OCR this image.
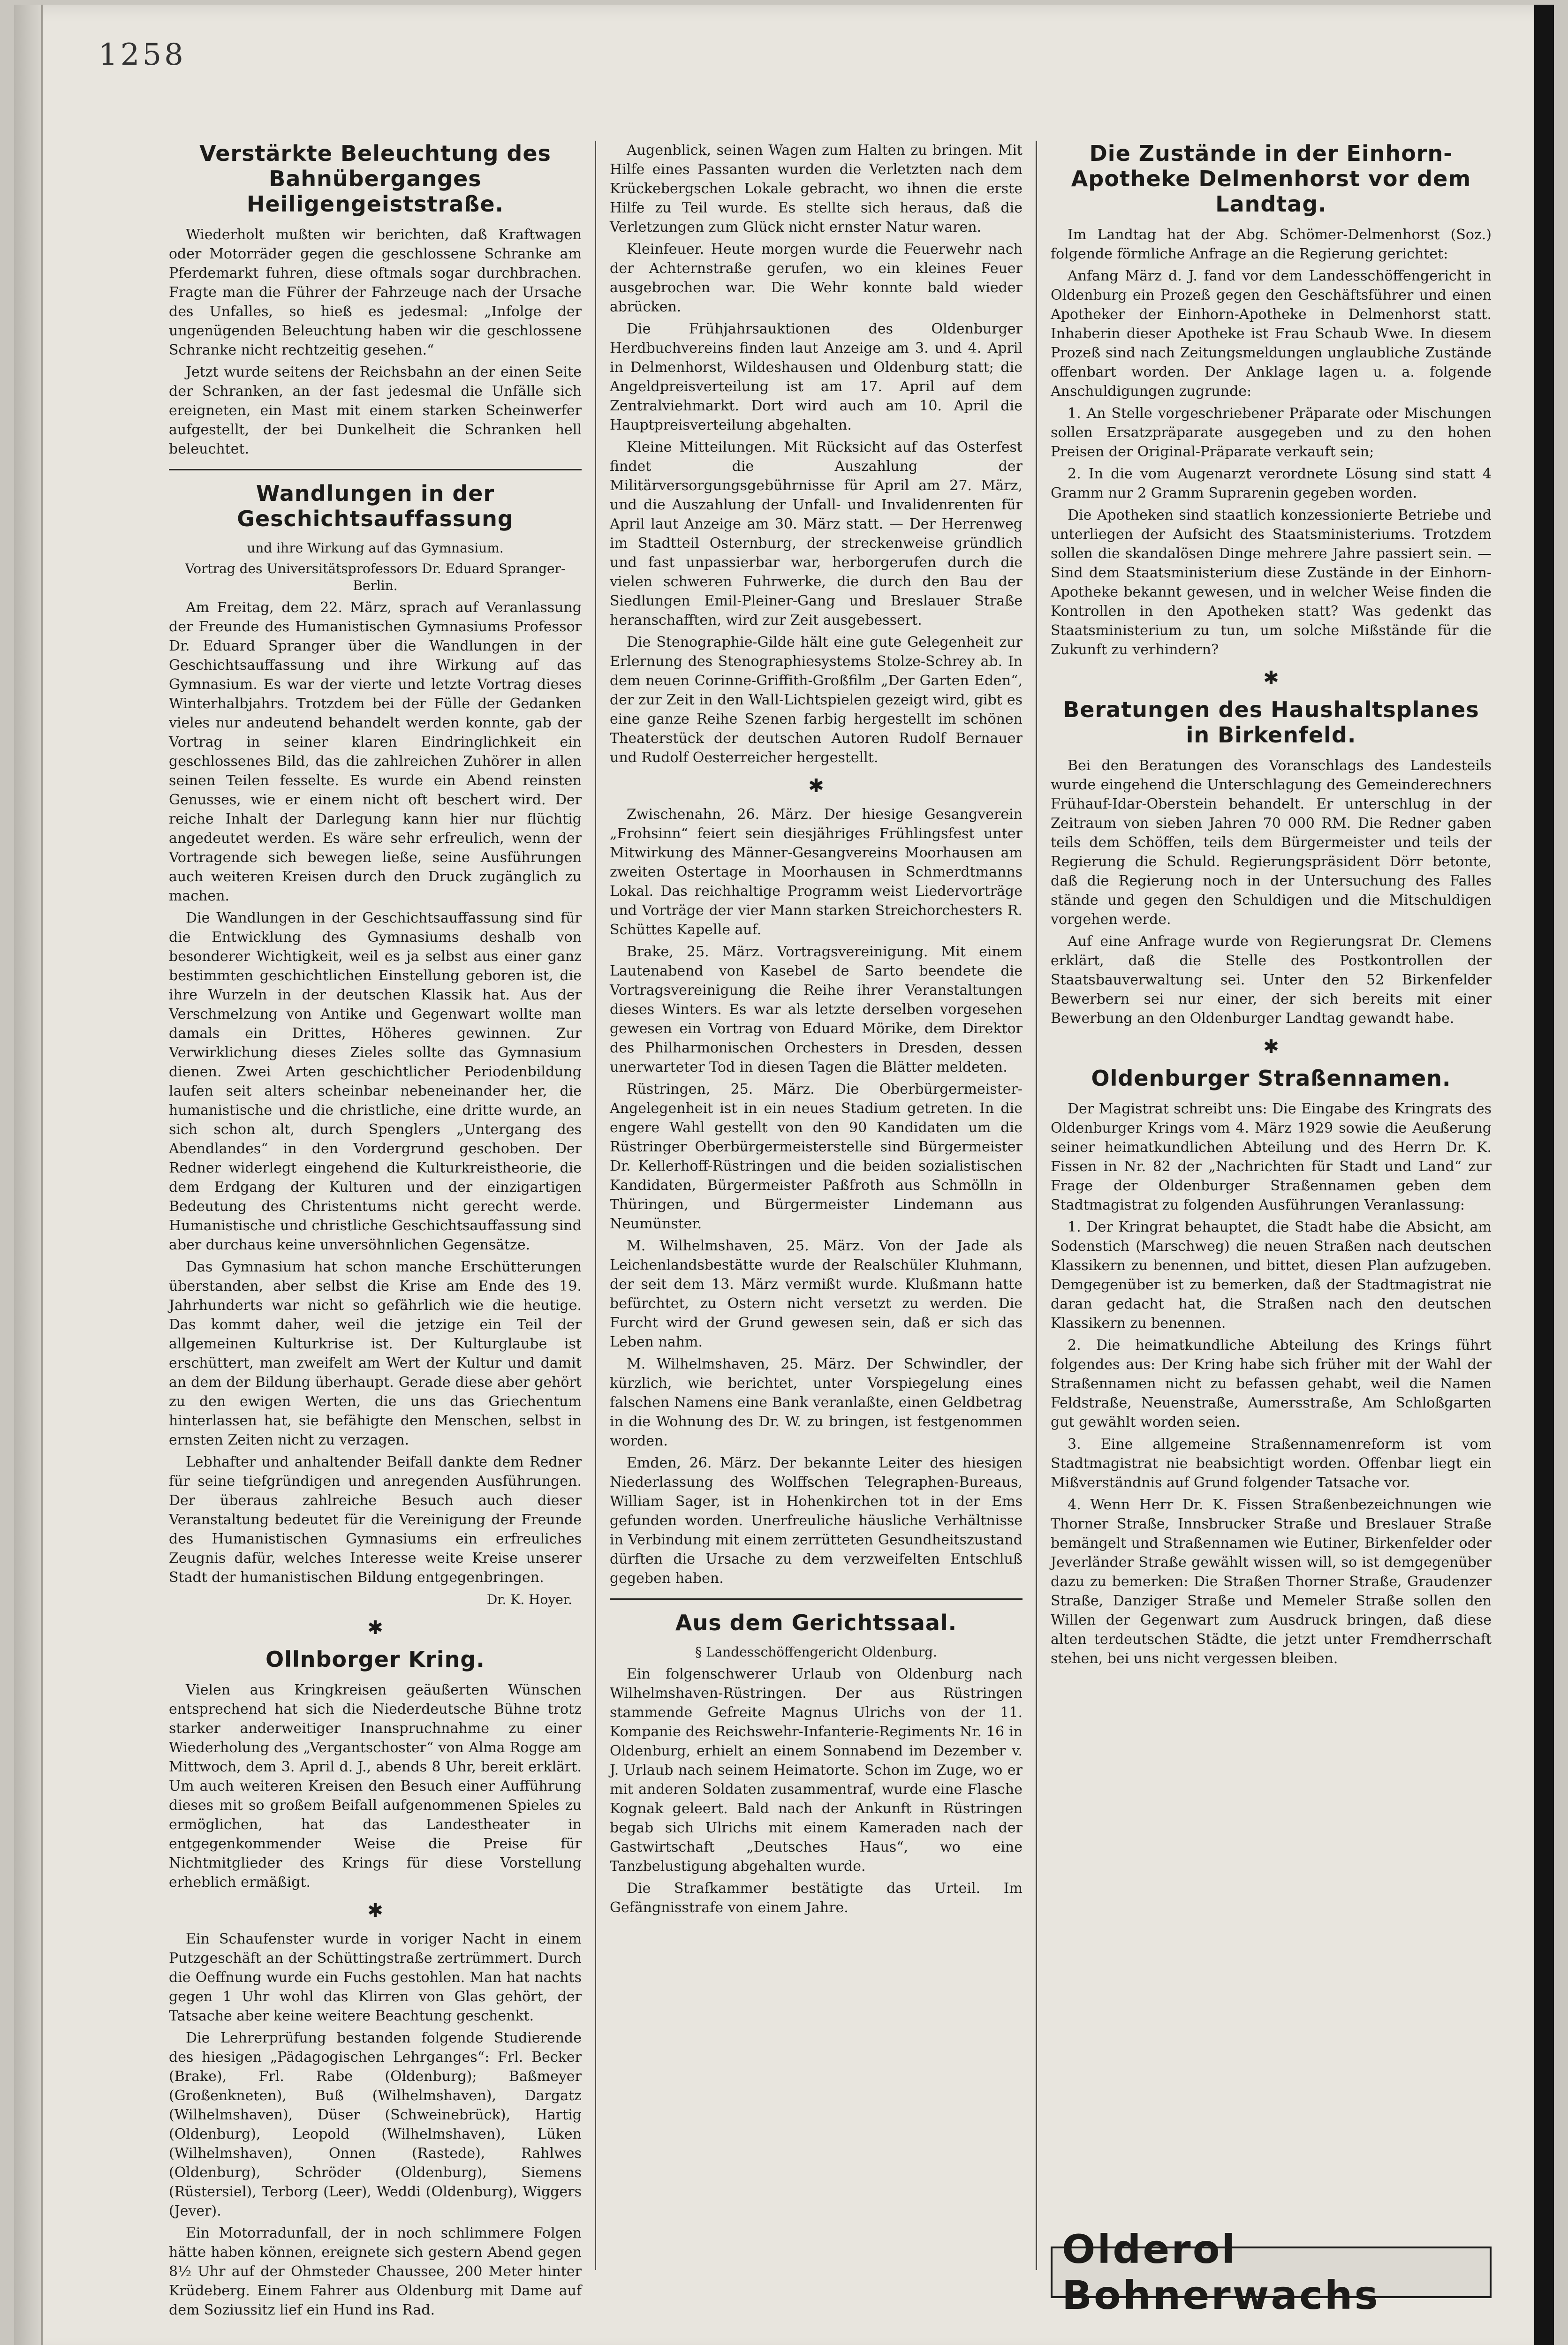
1258
Verstärkte Beleuchtung des Bahnüberganges Heiligengeiststraße.

Wiederholt mußten wir berichten, daß Kraftwagen oder Motorräder gegen die geschlossene Schranke am Pferdemarkt fuhren, diese oftmals sogar durchbrachen. Fragte man die Führer der Fahrzeuge nach der Ursache des Unfalles, so hieß es jedesmal: „Infolge der ungenügenden Beleuchtung haben wir die geschlossene Schranke nicht rechtzeitig gesehen.“

Jetzt wurde seitens der Reichsbahn an der einen Seite der Schranken, an der fast jedesmal die Unfälle sich ereigneten, ein Mast mit einem starken Scheinwerfer aufgestellt, der bei Dunkelheit die Schranken hell beleuchtet.

Wandlungen in der Geschichtsauffassung
und ihre Wirkung auf das Gymnasium.
Vortrag des Universitätsprofessors Dr. Eduard Spranger-Berlin.

Am Freitag, dem 22. März, sprach auf Veranlassung der Freunde des Humanistischen Gymnasiums Professor Dr. Eduard Spranger über die Wandlungen in der Geschichtsauffassung und ihre Wirkung auf das Gymnasium. Es war der vierte und letzte Vortrag dieses Winterhalbjahrs. Trotzdem bei der Fülle der Gedanken vieles nur andeutend behandelt werden konnte, gab der Vortrag in seiner klaren Eindringlichkeit ein geschlossenes Bild, das die zahlreichen Zuhörer in allen seinen Teilen fesselte. Es wurde ein Abend reinsten Genusses, wie er einem nicht oft beschert wird. Der reiche Inhalt der Darlegung kann hier nur flüchtig angedeutet werden. Es wäre sehr erfreulich, wenn der Vortragende sich bewegen ließe, seine Ausführungen auch weiteren Kreisen durch den Druck zugänglich zu machen.

Die Wandlungen in der Geschichtsauffassung sind für die Entwicklung des Gymnasiums deshalb von besonderer Wichtigkeit, weil es ja selbst aus einer ganz bestimmten geschichtlichen Einstellung geboren ist, die ihre Wurzeln in der deutschen Klassik hat. Aus der Verschmelzung von Antike und Gegenwart wollte man damals ein Drittes, Höheres gewinnen. Zur Verwirklichung dieses Zieles sollte das Gymnasium dienen. Zwei Arten geschichtlicher Periodenbildung laufen seit alters scheinbar nebeneinander her, die humanistische und die christliche, eine dritte wurde, an sich schon alt, durch Spenglers „Untergang des Abendlandes“ in den Vordergrund geschoben. Der Redner widerlegt eingehend die Kulturkreistheorie, die dem Erdgang der Kulturen und der einzigartigen Bedeutung des Christentums nicht gerecht werde. Humanistische und christliche Geschichtsauffassung sind aber durchaus keine unversöhnlichen Gegensätze.

Das Gymnasium hat schon manche Erschütterungen überstanden, aber selbst die Krise am Ende des 19. Jahrhunderts war nicht so gefährlich wie die heutige. Das kommt daher, weil die jetzige ein Teil der allgemeinen Kulturkrise ist. Der Kulturglaube ist erschüttert, man zweifelt am Wert der Kultur und damit an dem der Bildung überhaupt. Gerade diese aber gehört zu den ewigen Werten, die uns das Griechentum hinterlassen hat, sie befähigte den Menschen, selbst in ernsten Zeiten nicht zu verzagen.

Lebhafter und anhaltender Beifall dankte dem Redner für seine tiefgründigen und anregenden Ausführungen. Der überaus zahlreiche Besuch auch dieser Veranstaltung bedeutet für die Vereinigung der Freunde des Humanistischen Gymnasiums ein erfreuliches Zeugnis dafür, welches Interesse weite Kreise unserer Stadt der humanistischen Bildung entgegenbringen.

Dr. K. Hoyer.
✱
Ollnborger Kring.

Vielen aus Kringkreisen geäußerten Wünschen entsprechend hat sich die Niederdeutsche Bühne trotz starker anderweitiger Inanspruchnahme zu einer Wiederholung des „Vergantschoster“ von Alma Rogge am Mittwoch, dem 3. April d. J., abends 8 Uhr, bereit erklärt. Um auch weiteren Kreisen den Besuch einer Aufführung dieses mit so großem Beifall aufgenommenen Spieles zu ermöglichen, hat das Landestheater in entgegenkommender Weise die Preise für Nichtmitglieder des Krings für diese Vorstellung erheblich ermäßigt.

✱

Ein Schaufenster wurde in voriger Nacht in einem Putzgeschäft an der Schüttingstraße zertrümmert. Durch die Oeffnung wurde ein Fuchs gestohlen. Man hat nachts gegen 1 Uhr wohl das Klirren von Glas gehört, der Tatsache aber keine weitere Beachtung geschenkt.

Die Lehrerprüfung bestanden folgende Studierende des hiesigen „Pädagogischen Lehrganges“: Frl. Becker (Brake), Frl. Rabe (Oldenburg); Baßmeyer (Großenkneten), Buß (Wilhelmshaven), Dargatz (Wilhelmshaven), Düser (Schweinebrück), Hartig (Oldenburg), Leopold (Wilhelmshaven), Lüken (Wilhelmshaven), Onnen (Rastede), Rahlwes (Oldenburg), Schröder (Oldenburg), Siemens (Rüstersiel), Terborg (Leer), Weddi (Oldenburg), Wiggers (Jever).

Ein Motorradunfall, der in noch schlimmere Folgen hätte haben können, ereignete sich gestern Abend gegen 8½ Uhr auf der Ohmsteder Chaussee, 200 Meter hinter Krüdeberg. Einem Fahrer aus Oldenburg mit Dame auf dem Soziussitz lief ein Hund ins Rad.

Augenblick, seinen Wagen zum Halten zu bringen. Mit Hilfe eines Passanten wurden die Verletzten nach dem Krückebergschen Lokale gebracht, wo ihnen die erste Hilfe zu Teil wurde. Es stellte sich heraus, daß die Verletzungen zum Glück nicht ernster Natur waren.

Kleinfeuer. Heute morgen wurde die Feuerwehr nach der Achternstraße gerufen, wo ein kleines Feuer ausgebrochen war. Die Wehr konnte bald wieder abrücken.

Die Frühjahrsauktionen des Oldenburger Herdbuchvereins finden laut Anzeige am 3. und 4. April in Delmenhorst, Wildeshausen und Oldenburg statt; die Angeldpreisverteilung ist am 17. April auf dem Zentralviehmarkt. Dort wird auch am 10. April die Hauptpreisverteilung abgehalten.

Kleine Mitteilungen. Mit Rücksicht auf das Osterfest findet die Auszahlung der Militärversorgungsgebührnisse für April am 27. März, und die Auszahlung der Unfall- und Invalidenrenten für April laut Anzeige am 30. März statt. — Der Herrenweg im Stadtteil Osternburg, der streckenweise gründlich und fast unpassierbar war, herborgerufen durch die vielen schweren Fuhrwerke, die durch den Bau der Siedlungen Emil-Pleiner-Gang und Breslauer Straße heranschafften, wird zur Zeit ausgebessert.

Die Stenographie-Gilde hält eine gute Gelegenheit zur Erlernung des Stenographiesystems Stolze-Schrey ab. In dem neuen Corinne-Griffith-Großfilm „Der Garten Eden“, der zur Zeit in den Wall-Lichtspielen gezeigt wird, gibt es eine ganze Reihe Szenen farbig hergestellt im schönen Theaterstück der deutschen Autoren Rudolf Bernauer und Rudolf Oesterreicher hergestellt.

✱

Zwischenahn, 26. März. Der hiesige Gesangverein „Frohsinn“ feiert sein diesjähriges Frühlingsfest unter Mitwirkung des Männer-Gesangvereins Moorhausen am zweiten Ostertage in Moorhausen in Schmerdtmanns Lokal. Das reichhaltige Programm weist Liedervorträge und Vorträge der vier Mann starken Streichorchesters R. Schüttes Kapelle auf.

Brake, 25. März. Vortragsvereinigung. Mit einem Lautenabend von Kasebel de Sarto beendete die Vortragsvereinigung die Reihe ihrer Veranstaltungen dieses Winters. Es war als letzte derselben vorgesehen gewesen ein Vortrag von Eduard Mörike, dem Direktor des Philharmonischen Orchesters in Dresden, dessen unerwarteter Tod in diesen Tagen die Blätter meldeten.

Rüstringen, 25. März. Die Oberbürgermeister-Angelegenheit ist in ein neues Stadium getreten. In die engere Wahl gestellt von den 90 Kandidaten um die Rüstringer Oberbürgermeisterstelle sind Bürgermeister Dr. Kellerhoff-Rüstringen und die beiden sozialistischen Kandidaten, Bürgermeister Paßfroth aus Schmölln in Thüringen, und Bürgermeister Lindemann aus Neumünster.

M. Wilhelmshaven, 25. März. Von der Jade als Leichenlandsbestätte wurde der Realschüler Kluhmann, der seit dem 13. März vermißt wurde. Klußmann hatte befürchtet, zu Ostern nicht versetzt zu werden. Die Furcht wird der Grund gewesen sein, daß er sich das Leben nahm.

M. Wilhelmshaven, 25. März. Der Schwindler, der kürzlich, wie berichtet, unter Vorspiegelung eines falschen Namens eine Bank veranlaßte, einen Geldbetrag in die Wohnung des Dr. W. zu bringen, ist festgenommen worden.

Emden, 26. März. Der bekannte Leiter des hiesigen Niederlassung des Wolffschen Telegraphen-Bureaus, William Sager, ist in Hohenkirchen tot in der Ems gefunden worden. Unerfreuliche häusliche Verhältnisse in Verbindung mit einem zerrütteten Gesundheitszustand dürften die Ursache zu dem verzweifelten Entschluß gegeben haben.

Aus dem Gerichtssaal.
§ Landesschöffengericht Oldenburg.

Ein folgenschwerer Urlaub von Oldenburg nach Wilhelmshaven-Rüstringen. Der aus Rüstringen stammende Gefreite Magnus Ulrichs von der 11. Kompanie des Reichswehr-Infanterie-Regiments Nr. 16 in Oldenburg, erhielt an einem Sonnabend im Dezember v. J. Urlaub nach seinem Heimatorte. Schon im Zuge, wo er mit anderen Soldaten zusammentraf, wurde eine Flasche Kognak geleert. Bald nach der Ankunft in Rüstringen begab sich Ulrichs mit einem Kameraden nach der Gastwirtschaft „Deutsches Haus“, wo eine Tanzbelustigung abgehalten wurde.

Die Strafkammer bestätigte das Urteil. Im Gefängnisstrafe von einem Jahre.

Die Zustände in der Einhorn-Apotheke Delmenhorst vor dem Landtag.

Im Landtag hat der Abg. Schömer-Delmenhorst (Soz.) folgende förmliche Anfrage an die Regierung gerichtet:

Anfang März d. J. fand vor dem Landesschöffengericht in Oldenburg ein Prozeß gegen den Geschäftsführer und einen Apotheker der Einhorn-Apotheke in Delmenhorst statt. Inhaberin dieser Apotheke ist Frau Schaub Wwe. In diesem Prozeß sind nach Zeitungsmeldungen unglaubliche Zustände offenbart worden. Der Anklage lagen u. a. folgende Anschuldigungen zugrunde:

1. An Stelle vorgeschriebener Präparate oder Mischungen sollen Ersatzpräparate ausgegeben und zu den hohen Preisen der Original-Präparate verkauft sein;

2. In die vom Augenarzt verordnete Lösung sind statt 4 Gramm nur 2 Gramm Suprarenin gegeben worden.

Die Apotheken sind staatlich konzessionierte Betriebe und unterliegen der Aufsicht des Staatsministeriums. Trotzdem sollen die skandalösen Dinge mehrere Jahre passiert sein. — Sind dem Staatsministerium diese Zustände in der Einhorn-Apotheke bekannt gewesen, und in welcher Weise finden die Kontrollen in den Apotheken statt? Was gedenkt das Staatsministerium zu tun, um solche Mißstände für die Zukunft zu verhindern?

✱
Beratungen des Haushaltsplanes in Birkenfeld.

Bei den Beratungen des Voranschlags des Landesteils wurde eingehend die Unterschlagung des Gemeinderechners Frühauf-Idar-Oberstein behandelt. Er unterschlug in der Zeitraum von sieben Jahren 70 000 RM. Die Redner gaben teils dem Schöffen, teils dem Bürgermeister und teils der Regierung die Schuld. Regierungspräsident Dörr betonte, daß die Regierung noch in der Untersuchung des Falles stände und gegen den Schuldigen und die Mitschuldigen vorgehen werde.

Auf eine Anfrage wurde von Regierungsrat Dr. Clemens erklärt, daß die Stelle des Postkontrollen der Staatsbauverwaltung sei. Unter den 52 Birkenfelder Bewerbern sei nur einer, der sich bereits mit einer Bewerbung an den Oldenburger Landtag gewandt habe.

✱
Oldenburger Straßennamen.

Der Magistrat schreibt uns: Die Eingabe des Kringrats des Oldenburger Krings vom 4. März 1929 sowie die Aeußerung seiner heimatkundlichen Abteilung und des Herrn Dr. K. Fissen in Nr. 82 der „Nachrichten für Stadt und Land“ zur Frage der Oldenburger Straßennamen geben dem Stadtmagistrat zu folgenden Ausführungen Veranlassung:

1. Der Kringrat behauptet, die Stadt habe die Absicht, am Sodenstich (Marschweg) die neuen Straßen nach deutschen Klassikern zu benennen, und bittet, diesen Plan aufzugeben. Demgegenüber ist zu bemerken, daß der Stadtmagistrat nie daran gedacht hat, die Straßen nach den deutschen Klassikern zu benennen.

2. Die heimatkundliche Abteilung des Krings führt folgendes aus: Der Kring habe sich früher mit der Wahl der Straßennamen nicht zu befassen gehabt, weil die Namen Feldstraße, Neuenstraße, Aumersstraße, Am Schloßgarten gut gewählt worden seien.

3. Eine allgemeine Straßennamenreform ist vom Stadtmagistrat nie beabsichtigt worden. Offenbar liegt ein Mißverständnis auf Grund folgender Tatsache vor.

4. Wenn Herr Dr. K. Fissen Straßenbezeichnungen wie Thorner Straße, Innsbrucker Straße und Breslauer Straße bemängelt und Straßennamen wie Eutiner, Birkenfelder oder Jeverländer Straße gewählt wissen will, so ist demgegenüber dazu zu bemerken: Die Straßen Thorner Straße, Graudenzer Straße, Danziger Straße und Memeler Straße sollen den Willen der Gegenwart zum Ausdruck bringen, daß diese alten terdeutschen Städte, die jetzt unter Fremdherrschaft stehen, bei uns nicht vergessen bleiben.

Olderol Bohnerwachs
